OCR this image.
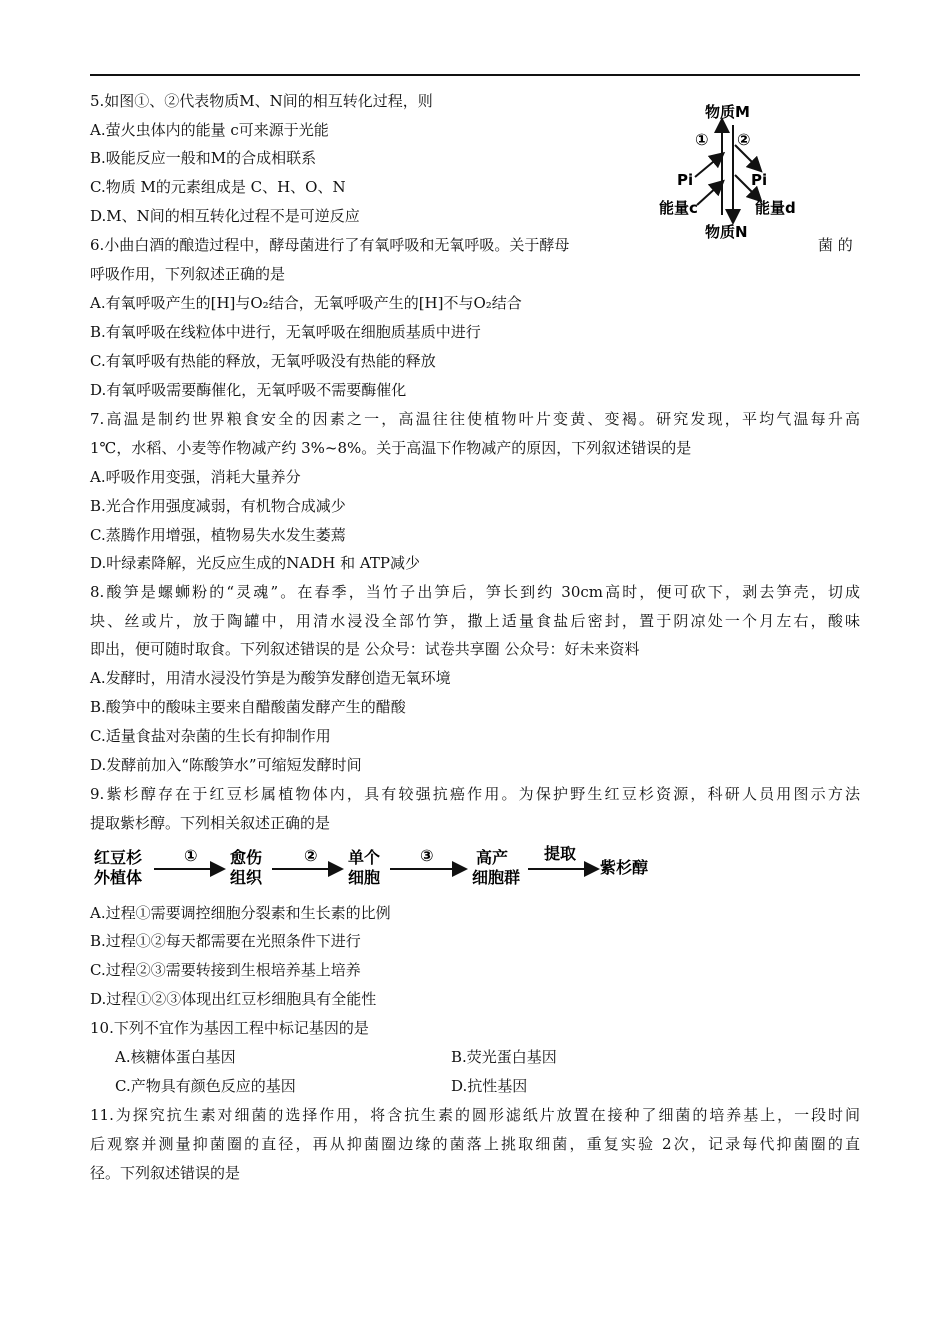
5.如图①、②代表物质M、N间的相互转化过程，则
A.萤火虫体内的能量 c可来源于光能
B.吸能反应一般和M的合成相联系
C.物质 M的元素组成是 C、H、O、N
D.M、N间的相互转化过程不是可逆反应
物质M
① ②
Pi	Pi
能量c	能量d
物质N
6.小曲白酒的酿造过程中，酵母菌进行了有氧呼吸和无氧呼吸。关于酵母	菌 的
呼吸作用，下列叙述正确的是
A.有氧呼吸产生的[H]与O₂结合，无氧呼吸产生的[H]不与O₂结合
B.有氧呼吸在线粒体中进行，无氧呼吸在细胞质基质中进行
C.有氧呼吸有热能的释放，无氧呼吸没有热能的释放
D.有氧呼吸需要酶催化，无氧呼吸不需要酶催化
7.高温是制约世界粮食安全的因素之一，高温往往使植物叶片变黄、变褐。研究发现，平均气温每升高
1℃，水稻、小麦等作物减产约 3%~8%。关于高温下作物减产的原因，下列叙述错误的是
A.呼吸作用变强，消耗大量养分
B.光合作用强度减弱，有机物合成减少
C.蒸腾作用增强，植物易失水发生萎蔫
D.叶绿素降解，光反应生成的NADH 和 ATP减少
8.酸笋是螺蛳粉的“灵魂”。在春季，当竹子出笋后，笋长到约 30cm高时，便可砍下，剥去笋壳，切成
块、丝或片，放于陶罐中，用清水浸没全部竹笋，撒上适量食盐后密封，置于阴凉处一个月左右，酸味
即出，便可随时取食。下列叙述错误的是 公众号：试卷共享圈 公众号：好未来资料
A.发酵时，用清水浸没竹笋是为酸笋发酵创造无氧环境
B.酸笋中的酸味主要来自醋酸菌发酵产生的醋酸
C.适量食盐对杂菌的生长有抑制作用
D.发酵前加入“陈酸笋水”可缩短发酵时间
9.紫杉醇存在于红豆杉属植物体内，具有较强抗癌作用。为保护野生红豆杉资源，科研人员用图示方法
提取紫杉醇。下列相关叙述正确的是
红豆杉
外植体
① 愈伤
组织
② 单个
细胞
③	高产
细胞群
提取
紫杉醇
A.过程①需要调控细胞分裂素和生长素的比例
B.过程①②每天都需要在光照条件下进行
C.过程②③需要转接到生根培养基上培养
D.过程①②③体现出红豆杉细胞具有全能性
10.下列不宜作为基因工程中标记基因的是
A.核糖体蛋白基因	B.荧光蛋白基因
C.产物具有颜色反应的基因	D.抗性基因
11.为探究抗生素对细菌的选择作用，将含抗生素的圆形滤纸片放置在接种了细菌的培养基上，一段时间
后观察并测量抑菌圈的直径，再从抑菌圈边缘的菌落上挑取细菌，重复实验 2次，记录每代抑菌圈的直
径。下列叙述错误的是
